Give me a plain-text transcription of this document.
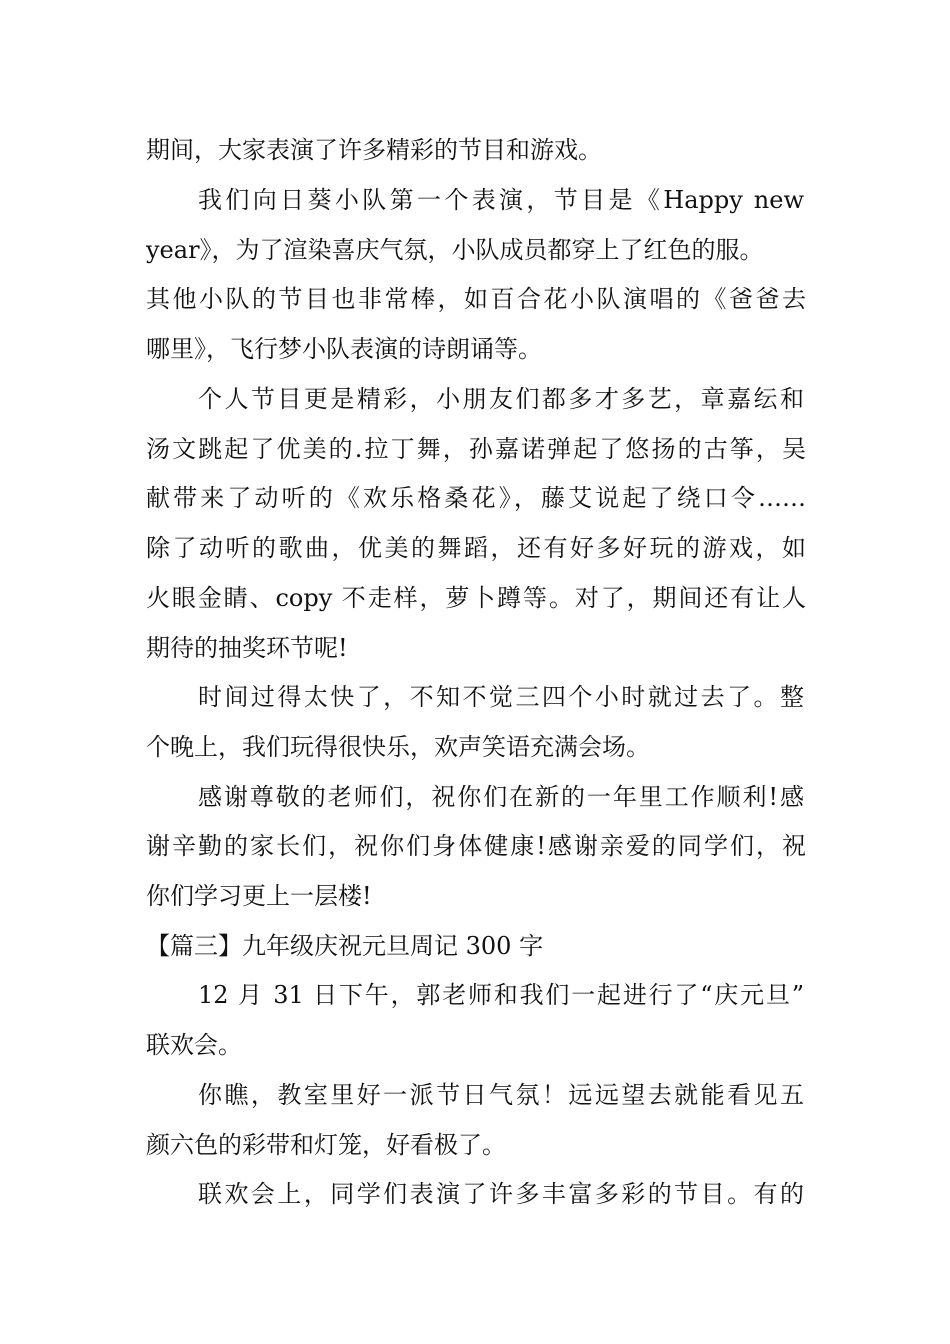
期间，大家表演了许多精彩的节目和游戏。
我们向日葵小队第一个表演，节目是《Happy new
year》，为了渲染喜庆气氛，小队成员都穿上了红色的服。
其他小队的节目也非常棒，如百合花小队演唱的《爸爸去
哪里》，飞行梦小队表演的诗朗诵等。
个人节目更是精彩，小朋友们都多才多艺，章嘉纭和
汤文跳起了优美的.拉丁舞，孙嘉诺弹起了悠扬的古筝，吴
献带来了动听的《欢乐格桑花》，藤艾说起了绕口令……
除了动听的歌曲，优美的舞蹈，还有好多好玩的游戏，如
火眼金睛、copy 不走样，萝卜蹲等。对了，期间还有让人
期待的抽奖环节呢!
时间过得太快了，不知不觉三四个小时就过去了。整
个晚上，我们玩得很快乐，欢声笑语充满会场。
感谢尊敬的老师们，祝你们在新的一年里工作顺利!感
谢辛勤的家长们，祝你们身体健康!感谢亲爱的同学们，祝
你们学习更上一层楼!
【篇三】九年级庆祝元旦周记 300 字
12 月 31 日下午，郭老师和我们一起进行了“庆元旦”
联欢会。
你瞧，教室里好一派节日气氛！远远望去就能看见五
颜六色的彩带和灯笼，好看极了。
联欢会上，同学们表演了许多丰富多彩的节目。有的
